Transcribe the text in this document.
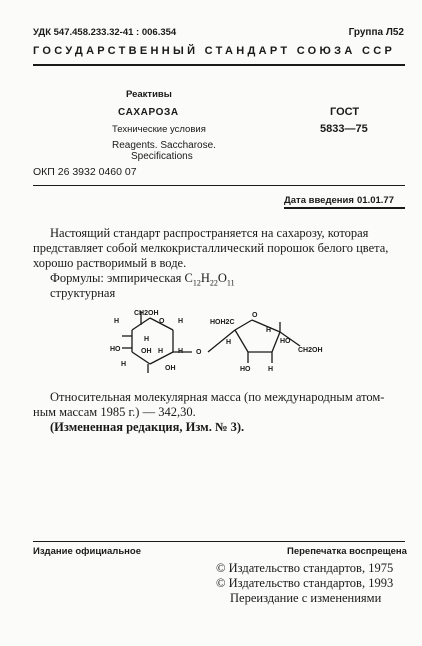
УДК 547.458.233.32-41 : 006.354	Группа Л52
ГОСУДАРСТВЕННЫЙ СТАНДАРТ СОЮЗА ССР
Реактивы
САХАРОЗА
Технические условия
Reagents. Saccharose.
Specifications
ГОСТ
5833—75
ОКП 26 3932 0460 07
Дата введения 01.01.77
Настоящий стандарт распространяется на сахарозу, которая
представляет собой мелкокристаллический порошок белого цвета,
хорошо растворимый в воде.
Формулы: эмпирическая $C_{12}H_{22}O_{11}$
структурная
CH2OH
H	O H
H
HO	OH H H
H
OH
O
HOH2C
O
H	HO
H
HO	H
CH2OH
Относительная молекулярная масса (по международным атом-
ным массам 1985 г.) — 342,30.
(Измененная редакция, Изм. № 3).
Издание официальное	Перепечатка воспрещена
© Издательство стандартов, 1975
© Издательство стандартов, 1993
Переиздание с изменениями
